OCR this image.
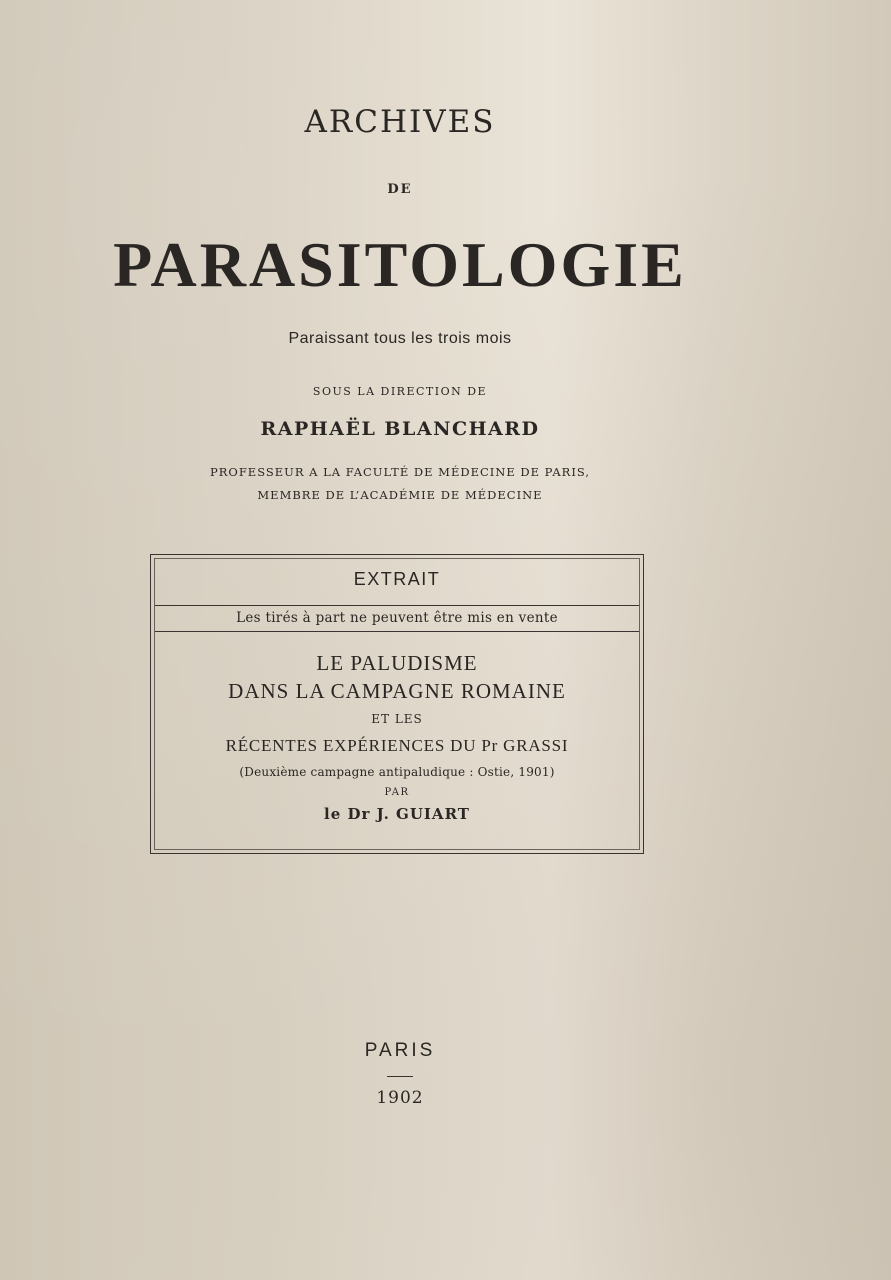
ARCHIVES
DE
PARASITOLOGIE
Paraissant tous les trois mois
SOUS LA DIRECTION DE
RAPHAËL BLANCHARD
PROFESSEUR A LA FACULTÉ DE MÉDECINE DE PARIS,
MEMBRE DE L’ACADÉMIE DE MÉDECINE
EXTRAIT
Les tirés à part ne peuvent être mis en vente
LE PALUDISME
DANS LA CAMPAGNE ROMAINE
ET LES
RÉCENTES EXPÉRIENCES DU Pr GRASSI
(Deuxième campagne antipaludique : Ostie, 1901)
PAR
le Dr J. GUIART
PARIS
1902
